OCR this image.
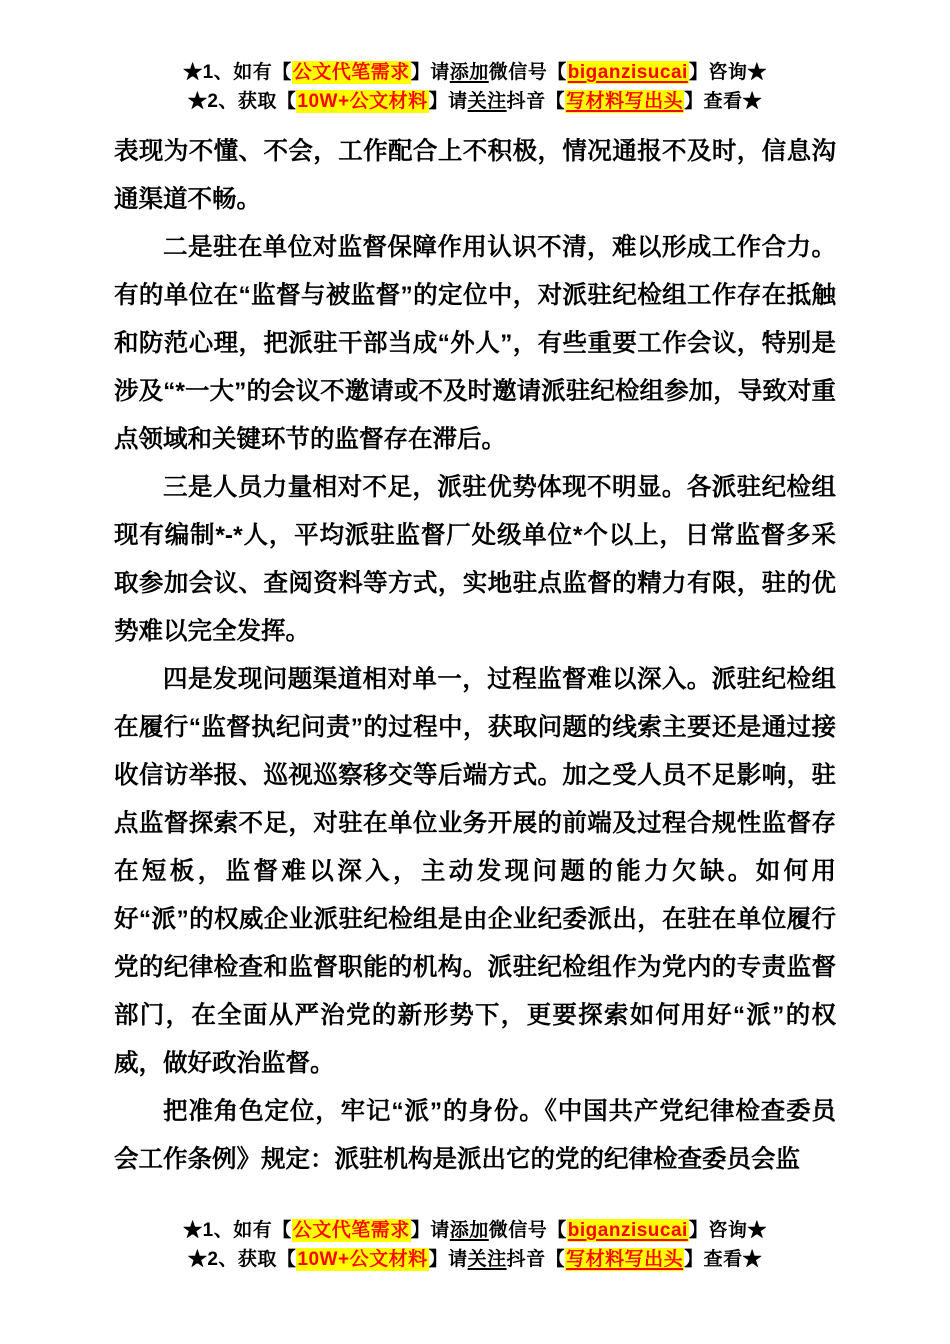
★1、如有【公文代笔需求】请添加微信号【biganzisucai】咨询★
★2、获取【10W+公文材料】请关注抖音【写材料写出头】查看★

表现为不懂、不会，工作配合上不积极，情况通报不及时，信息沟通渠道不畅。

二是驻在单位对监督保障作用认识不清，难以形成工作合力。有的单位在“监督与被监督”的定位中，对派驻纪检组工作存在抵触和防范心理，把派驻干部当成“外人”，有些重要工作会议，特别是涉及“*一大”的会议不邀请或不及时邀请派驻纪检组参加，导致对重点领域和关键环节的监督存在滞后。

三是人员力量相对不足，派驻优势体现不明显。各派驻纪检组现有编制*-*人，平均派驻监督厂处级单位*个以上，日常监督多采取参加会议、查阅资料等方式，实地驻点监督的精力有限，驻的优势难以完全发挥。

四是发现问题渠道相对单一，过程监督难以深入。派驻纪检组在履行“监督执纪问责”的过程中，获取问题的线索主要还是通过接收信访举报、巡视巡察移交等后端方式。加之受人员不足影响，驻点监督探索不足，对驻在单位业务开展的前端及过程合规性监督存在短板，监督难以深入，主动发现问题的能力欠缺。如何用好“派”的权威企业派驻纪检组是由企业纪委派出，在驻在单位履行党的纪律检查和监督职能的机构。派驻纪检组作为党内的专责监督部门，在全面从严治党的新形势下，更要探索如何用好“派”的权威，做好政治监督。

把准角色定位，牢记“派”的身份。《中国共产党纪律检查委员会工作条例》规定：派驻机构是派出它的党的纪律检查委员会监

★1、如有【公文代笔需求】请添加微信号【biganzisucai】咨询★
★2、获取【10W+公文材料】请关注抖音【写材料写出头】查看★
